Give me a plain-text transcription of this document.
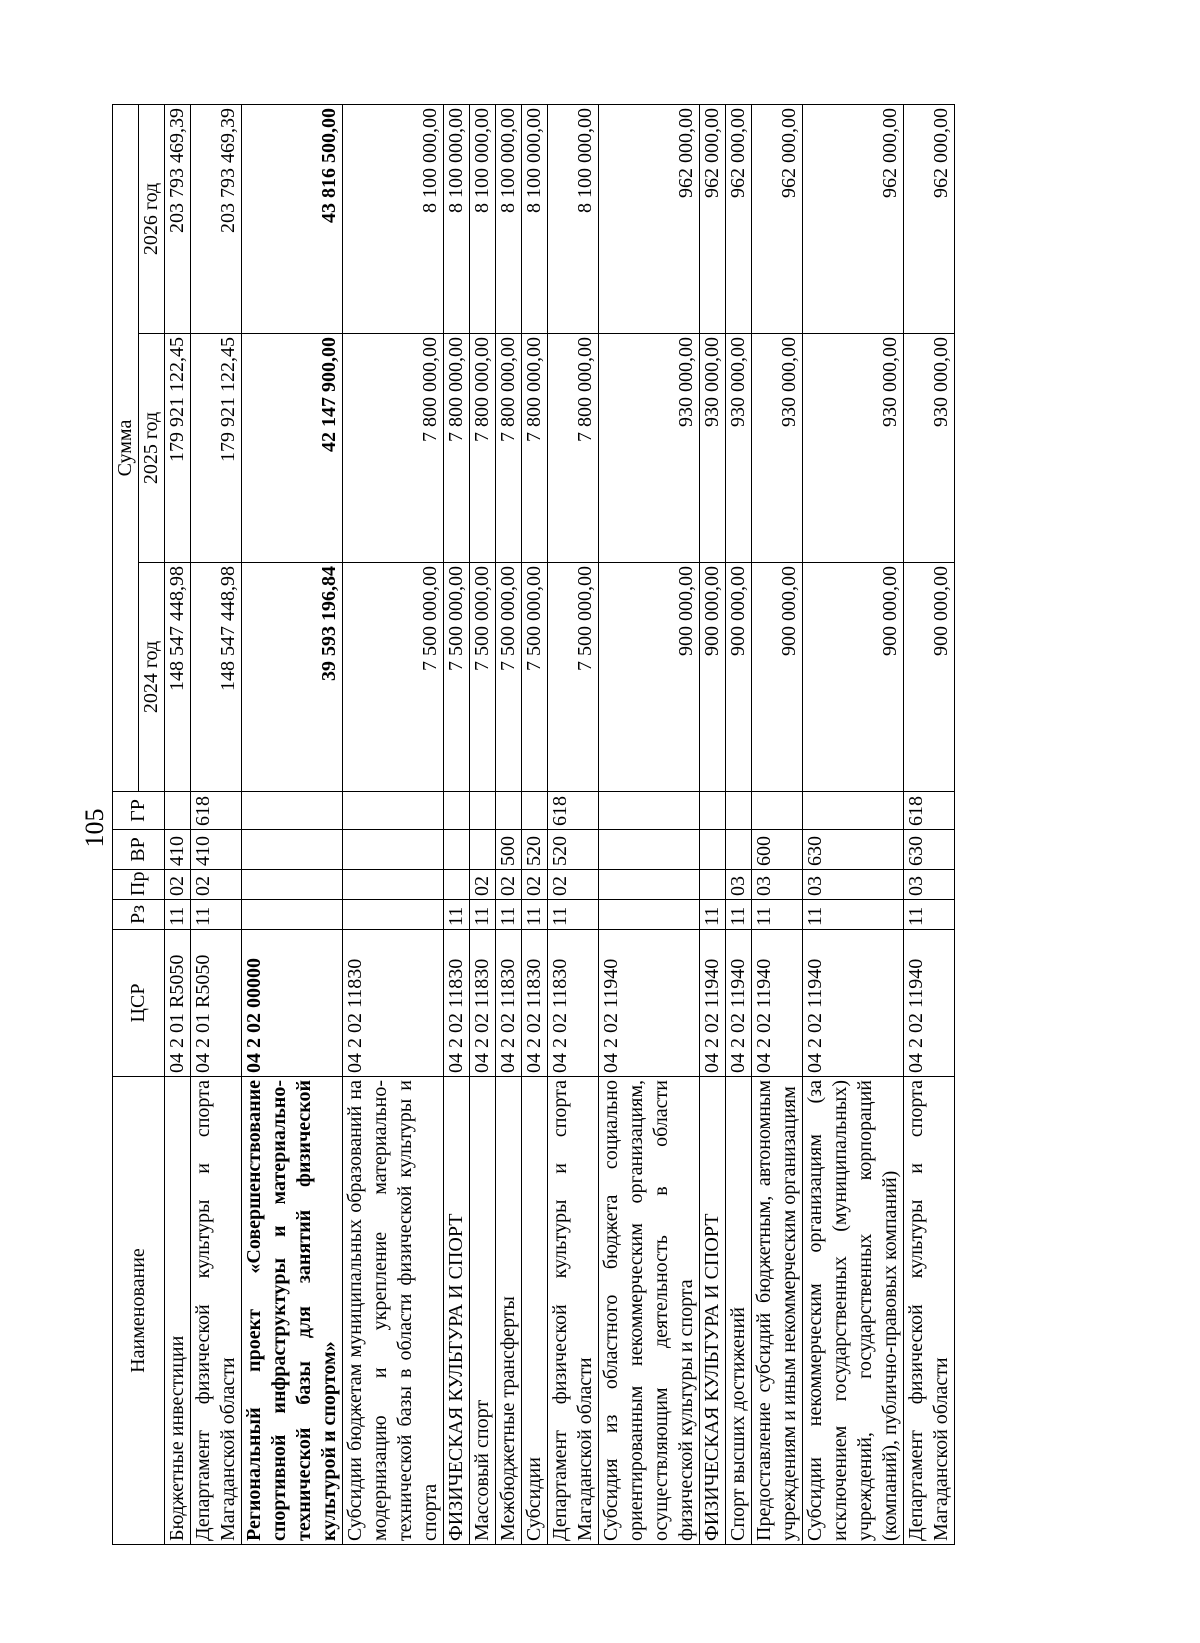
105
Наименование	ЦСР	Рз	Пр	ВР	ГР	Сумма		
						2024 год	2025 год	2026 год
Бюджетные инвестиции	04 2 01 R5050	11	02	410		148 547 448,98	179 921 122,45	203 793 469,39
Департамент физической культуры и спорта Магаданской области	04 2 01 R5050	11	02	410	618	148 547 448,98	179 921 122,45	203 793 469,39
Региональный проект «Совершенствование спортивной инфраструктуры и материально-технической базы для занятий физической культурой и спортом»	04 2 02 00000					39 593 196,84	42 147 900,00	43 816 500,00
Субсидии бюджетам муниципальных образований на модернизацию и укрепление материально-технической базы в области физической культуры и спорта	04 2 02 11830					7 500 000,00	7 800 000,00	8 100 000,00
ФИЗИЧЕСКАЯ КУЛЬТУРА И СПОРТ	04 2 02 11830	11				7 500 000,00	7 800 000,00	8 100 000,00
Массовый спорт	04 2 02 11830	11	02			7 500 000,00	7 800 000,00	8 100 000,00
Межбюджетные трансферты	04 2 02 11830	11	02	500		7 500 000,00	7 800 000,00	8 100 000,00
Субсидии	04 2 02 11830	11	02	520		7 500 000,00	7 800 000,00	8 100 000,00
Департамент физической культуры и спорта Магаданской области	04 2 02 11830	11	02	520	618	7 500 000,00	7 800 000,00	8 100 000,00
Субсидия из областного бюджета социально ориентированным некоммерческим организациям, осуществляющим деятельность в области физической культуры и спорта	04 2 02 11940					900 000,00	930 000,00	962 000,00
ФИЗИЧЕСКАЯ КУЛЬТУРА И СПОРТ	04 2 02 11940	11				900 000,00	930 000,00	962 000,00
Спорт высших достижений	04 2 02 11940	11	03			900 000,00	930 000,00	962 000,00
Предоставление субсидий бюджетным, автономным учреждениям и иным некоммерческим организациям	04 2 02 11940	11	03	600		900 000,00	930 000,00	962 000,00
Субсидии некоммерческим организациям (за исключением государственных (муниципальных) учреждений, государственных корпораций (компаний), публично-правовых компаний)	04 2 02 11940	11	03	630		900 000,00	930 000,00	962 000,00
Департамент физической культуры и спорта Магаданской области	04 2 02 11940	11	03	630	618	900 000,00	930 000,00	962 000,00
